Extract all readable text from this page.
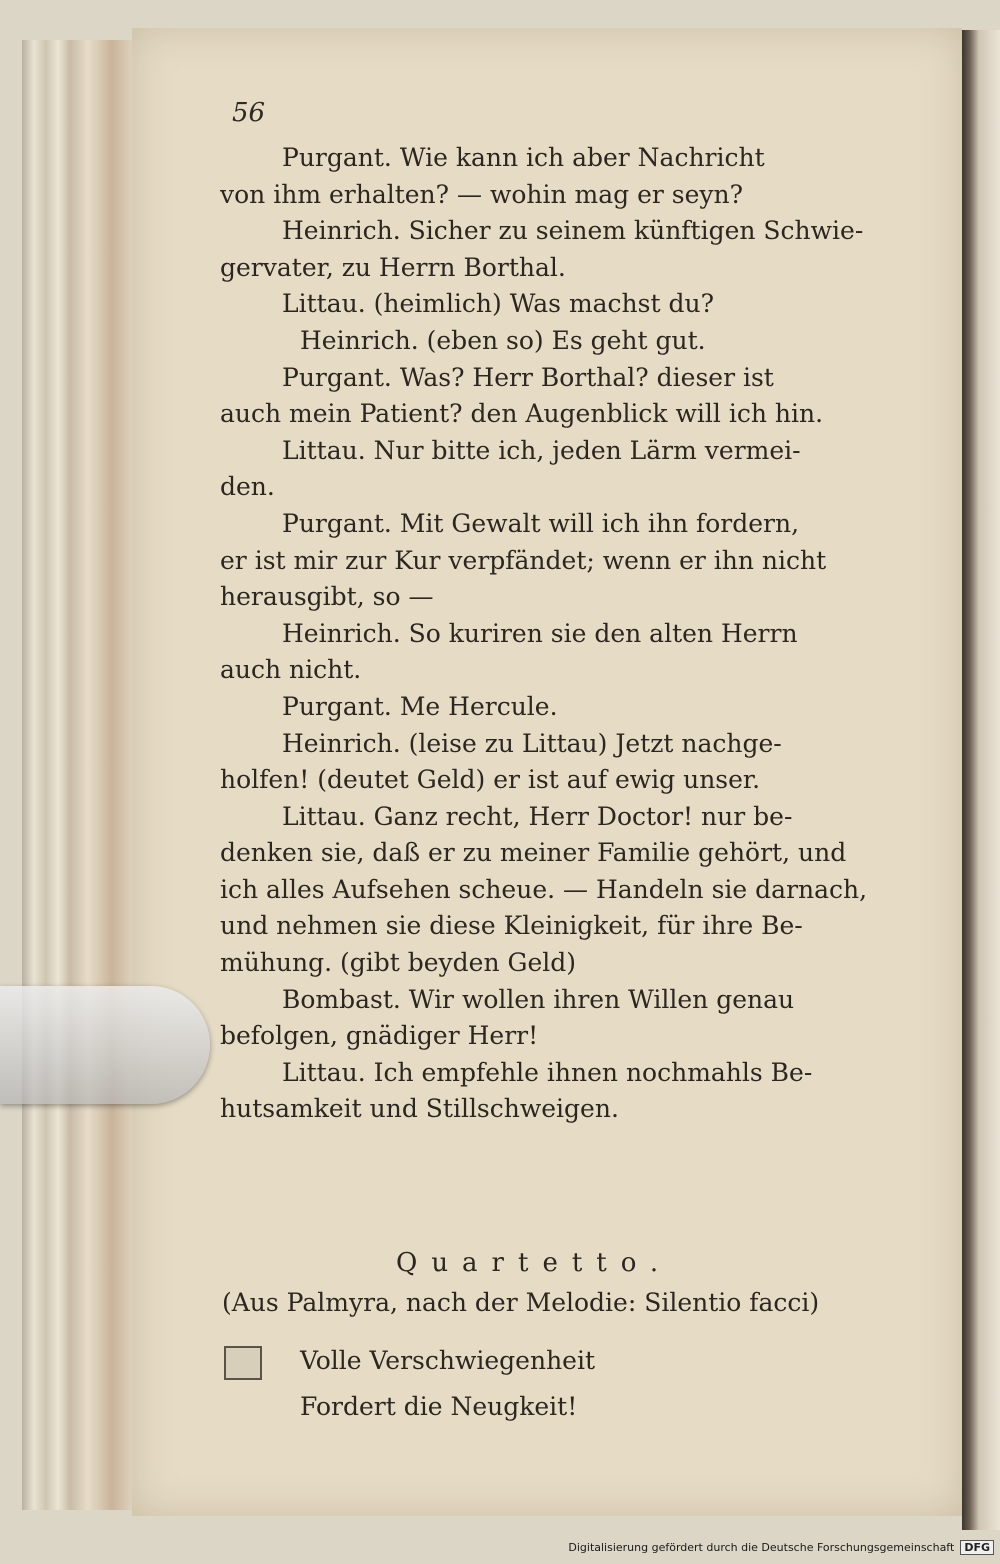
56
Purgant. Wie kann ich aber Nachricht
von ihm erhalten? — wohin mag er seyn?
Heinrich. Sicher zu seinem künftigen Schwie-
gervater, zu Herrn Borthal.
Littau. (heimlich) Was machst du?
Heinrich. (eben so) Es geht gut.
Purgant. Was? Herr Borthal? dieser ist
auch mein Patient? den Augenblick will ich hin.
Littau. Nur bitte ich, jeden Lärm vermei-
den.
Purgant. Mit Gewalt will ich ihn fordern,
er ist mir zur Kur verpfändet; wenn er ihn nicht
herausgibt, so —
Heinrich. So kuriren sie den alten Herrn
auch nicht.
Purgant. Me Hercule.
Heinrich. (leise zu Littau) Jetzt nachge-
holfen! (deutet Geld) er ist auf ewig unser.
Littau. Ganz recht, Herr Doctor! nur be-
denken sie, daß er zu meiner Familie gehört, und
ich alles Aufsehen scheue. — Handeln sie darnach,
und nehmen sie diese Kleinigkeit, für ihre Be-
mühung. (gibt beyden Geld)
Bombast. Wir wollen ihren Willen genau
befolgen, gnädiger Herr!
Littau. Ich empfehle ihnen nochmahls Be-
hutsamkeit und Stillschweigen.
Quartetto.
(Aus Palmyra, nach der Melodie: Silentio facci)
Volle Verschwiegenheit
Fordert die Neugkeit!
Digitalisierung gefördert durch die Deutsche Forschungsgemeinschaft DFG
